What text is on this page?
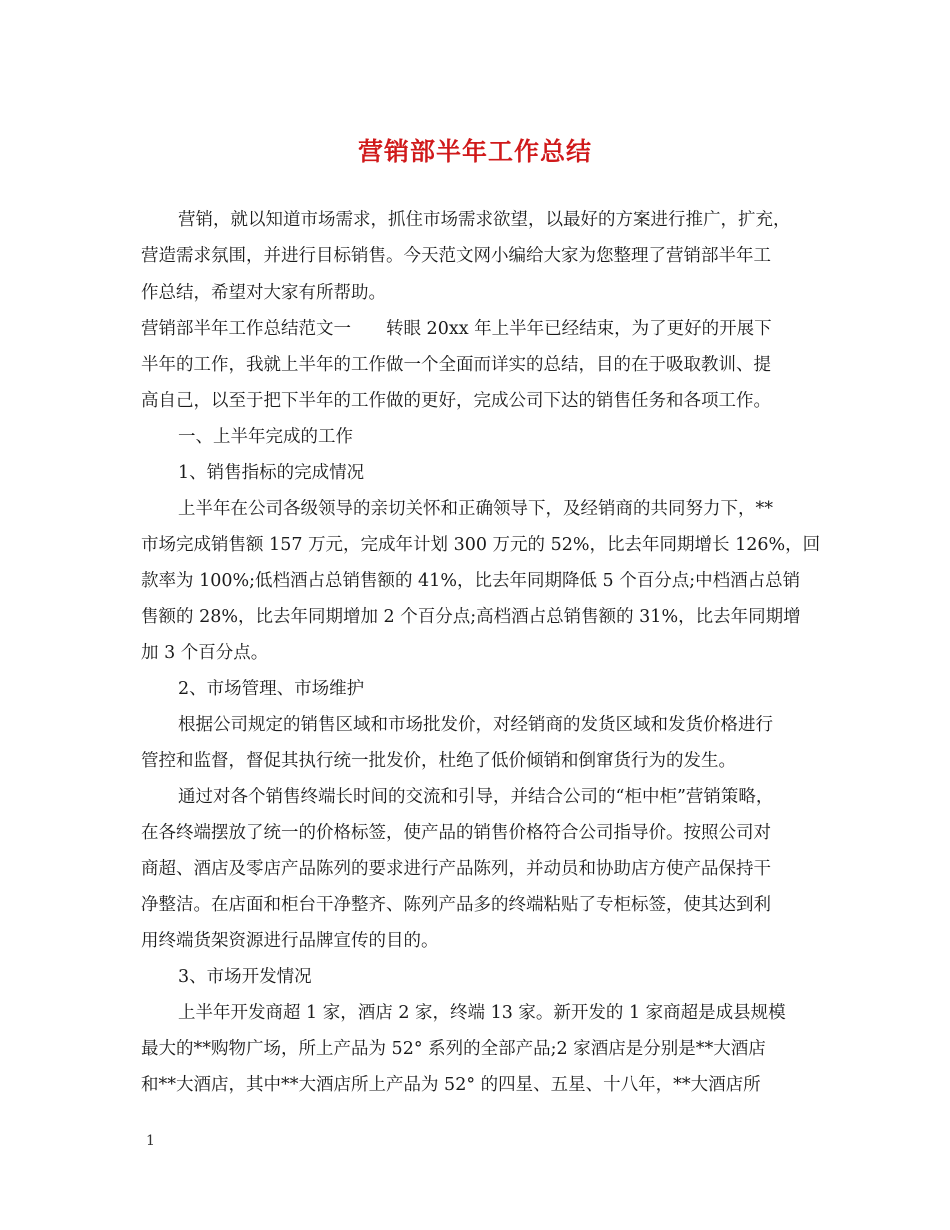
营销部半年工作总结

营销，就以知道市场需求，抓住市场需求欲望，以最好的方案进行推广，扩充，

营造需求氛围，并进行目标销售。今天范文网小编给大家为您整理了营销部半年工

作总结，希望对大家有所帮助。

营销部半年工作总结范文一　　转眼 20xx 年上半年已经结束，为了更好的开展下

半年的工作，我就上半年的工作做一个全面而详实的总结，目的在于吸取教训、提

高自己，以至于把下半年的工作做的更好，完成公司下达的销售任务和各项工作。

一、上半年完成的工作

1、销售指标的完成情况

上半年在公司各级领导的亲切关怀和正确领导下，及经销商的共同努力下，**

市场完成销售额 157 万元，完成年计划 300 万元的 52%，比去年同期增长 126%，回

款率为 100%;低档酒占总销售额的 41%，比去年同期降低 5 个百分点;中档酒占总销

售额的 28%，比去年同期增加 2 个百分点;高档酒占总销售额的 31%，比去年同期增

加 3 个百分点。

2、市场管理、市场维护

根据公司规定的销售区域和市场批发价，对经销商的发货区域和发货价格进行

管控和监督，督促其执行统一批发价，杜绝了低价倾销和倒窜货行为的发生。

通过对各个销售终端长时间的交流和引导，并结合公司的“柜中柜”营销策略，

在各终端摆放了统一的价格标签，使产品的销售价格符合公司指导价。按照公司对

商超、酒店及零店产品陈列的要求进行产品陈列，并动员和协助店方使产品保持干

净整洁。在店面和柜台干净整齐、陈列产品多的终端粘贴了专柜标签，使其达到利

用终端货架资源进行品牌宣传的目的。

3、市场开发情况

上半年开发商超 1 家，酒店 2 家，终端 13 家。新开发的 1 家商超是成县规模

最大的**购物广场，所上产品为 52° 系列的全部产品;2 家酒店是分别是**大酒店

和**大酒店，其中**大酒店所上产品为 52° 的四星、五星、十八年，**大酒店所

1
